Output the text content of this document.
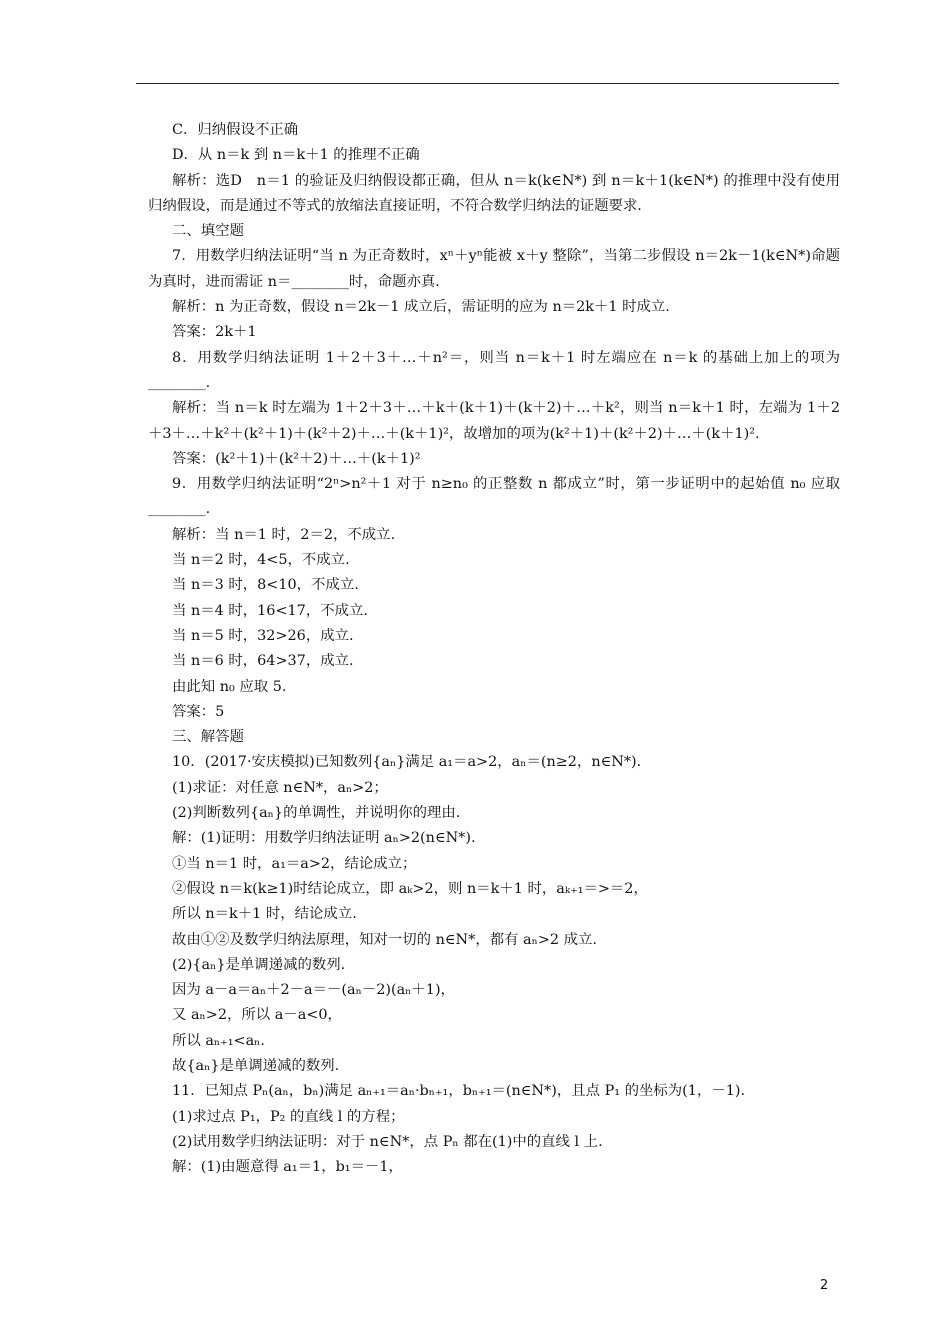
C．归纳假设不正确
D．从 n＝k 到 n＝k＋1 的推理不正确
解析：选D　n＝1 的验证及归纳假设都正确，但从 n＝k(k∈N*) 到 n＝k＋1(k∈N*) 的推理中没有使用归纳假设，而是通过不等式的放缩法直接证明，不符合数学归纳法的证题要求.
二、填空题
7．用数学归纳法证明“当 n 为正奇数时，xⁿ＋yⁿ能被 x＋y 整除”，当第二步假设 n＝2k－1(k∈N*)命题为真时，进而需证 n＝________时，命题亦真.
解析：n 为正奇数，假设 n＝2k－1 成立后，需证明的应为 n＝2k＋1 时成立.
答案：2k＋1
8．用数学归纳法证明 1＋2＋3＋…＋n²＝，则当 n＝k＋1 时左端应在 n＝k 的基础上加上的项为________.
解析：当 n＝k 时左端为 1＋2＋3＋…＋k＋(k＋1)＋(k＋2)＋…＋k²，则当 n＝k＋1 时，左端为 1＋2＋3＋…＋k²＋(k²＋1)＋(k²＋2)＋…＋(k＋1)²，故增加的项为(k²＋1)＋(k²＋2)＋…＋(k＋1)².
答案：(k²＋1)＋(k²＋2)＋…＋(k＋1)²
9．用数学归纳法证明“2ⁿ>n²＋1 对于 n≥n₀ 的正整数 n 都成立”时，第一步证明中的起始值 n₀ 应取________.
解析：当 n＝1 时，2＝2，不成立.
当 n＝2 时，4<5，不成立.
当 n＝3 时，8<10，不成立.
当 n＝4 时，16<17，不成立.
当 n＝5 时，32>26，成立.
当 n＝6 时，64>37，成立.
由此知 n₀ 应取 5.
答案：5
三、解答题
10．(2017·安庆模拟)已知数列{aₙ}满足 a₁＝a>2，aₙ＝(n≥2，n∈N*).
(1)求证：对任意 n∈N*，aₙ>2；
(2)判断数列{aₙ}的单调性，并说明你的理由.
解：(1)证明：用数学归纳法证明 aₙ>2(n∈N*).
①当 n＝1 时，a₁＝a>2，结论成立；
②假设 n＝k(k≥1)时结论成立，即 aₖ>2，则 n＝k＋1 时，aₖ₊₁＝>＝2，
所以 n＝k＋1 时，结论成立.
故由①②及数学归纳法原理，知对一切的 n∈N*，都有 aₙ>2 成立.
(2){aₙ}是单调递减的数列.
因为 a－a＝aₙ＋2－a＝－(aₙ－2)(aₙ＋1)，
又 aₙ>2，所以 a－a<0，
所以 aₙ₊₁<aₙ.
故{aₙ}是单调递减的数列.
11．已知点 Pₙ(aₙ，bₙ)满足 aₙ₊₁＝aₙ·bₙ₊₁，bₙ₊₁＝(n∈N*)，且点 P₁ 的坐标为(1，－1).
(1)求过点 P₁，P₂ 的直线 l 的方程；
(2)试用数学归纳法证明：对于 n∈N*，点 Pₙ 都在(1)中的直线 l 上.
解：(1)由题意得 a₁＝1，b₁＝－1，
2
